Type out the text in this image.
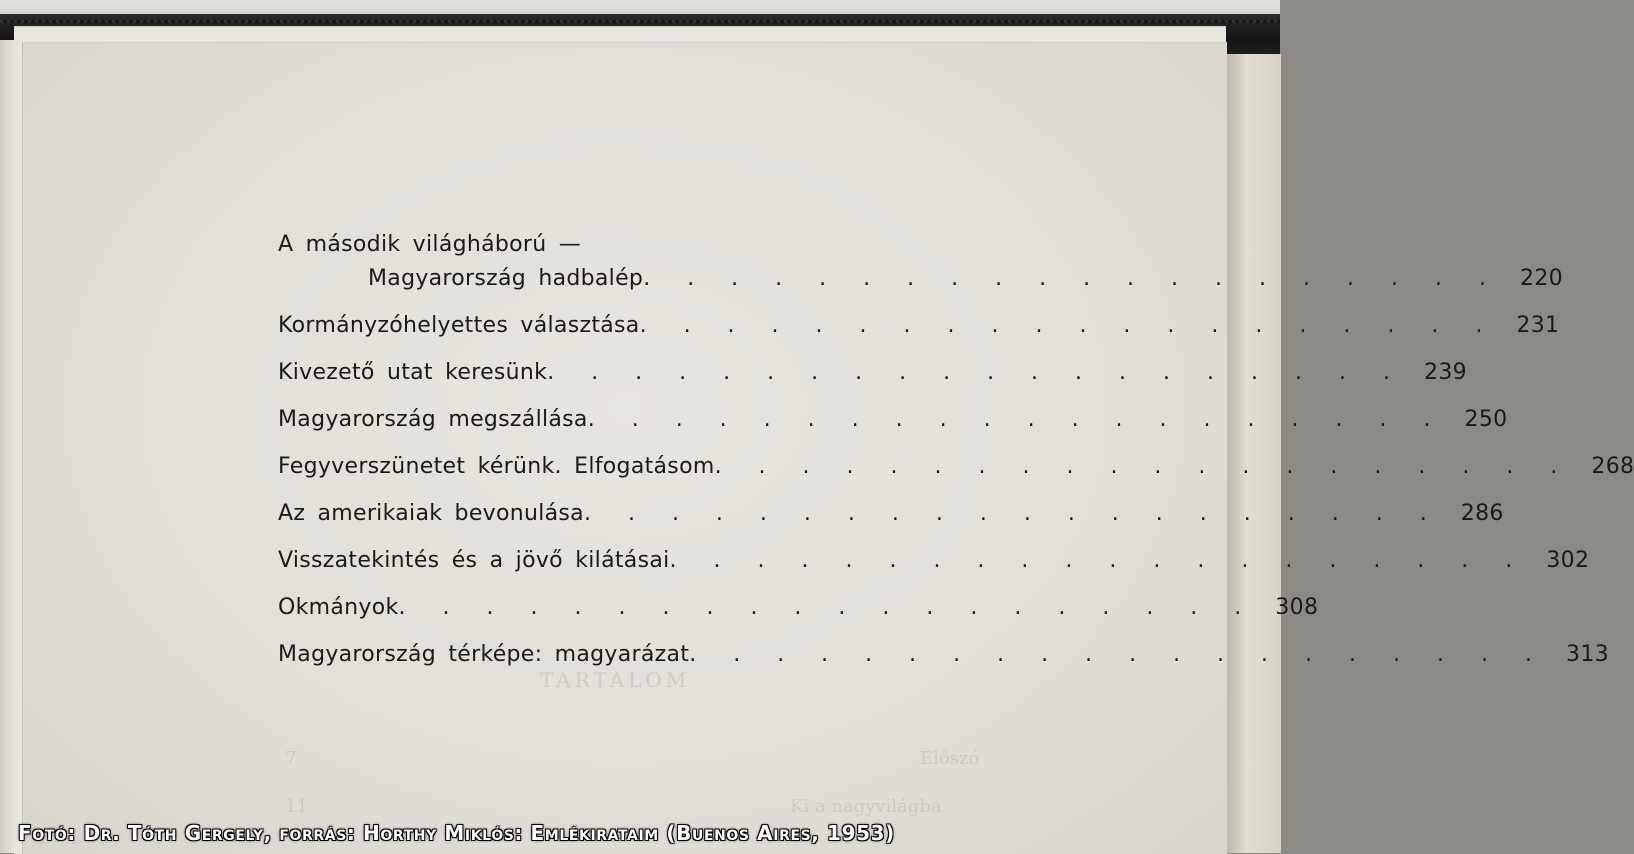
TARTALOM
Előszó
7
Ki a nagyvilágba
11
A második világháború —
Magyarország hadbalép . . . . . . . . . . . . . . . . . . . . 220
Kormányzóhelyettes választása . . . . . . . . . . . . . . . . . . . . 231
Kivezető utat keresünk . . . . . . . . . . . . . . . . . . . . 239
Magyarország megszállása . . . . . . . . . . . . . . . . . . . . 250
Fegyverszünetet kérünk. Elfogatásom . . . . . . . . . . . . . . . . . . . . 268
Az amerikaiak bevonulása . . . . . . . . . . . . . . . . . . . . 286
Visszatekintés és a jövő kilátásai . . . . . . . . . . . . . . . . . . . . 302
Okmányok . . . . . . . . . . . . . . . . . . . . 308
Magyarország térképe: magyarázat . . . . . . . . . . . . . . . . . . . . 313
Fotó: Dr. Tóth Gergely, forrás: Horthy Miklós: Emlékirataim (Buenos Aires, 1953)
